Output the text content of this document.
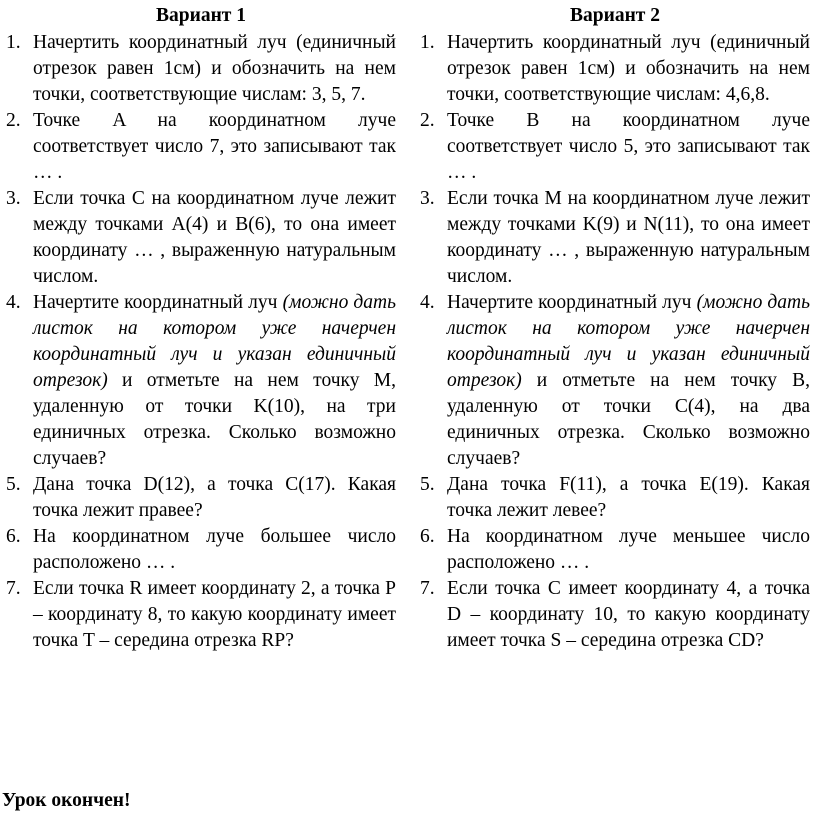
Вариант 1
1. Начертить координатный луч (единичный отрезок равен 1см) и обозначить на нем точки, соответствующие числам: 3, 5, 7.
2. Точке A на координатном луче соответствует число 7, это записывают так … .
3. Если точка C на координатном луче лежит между точками A(4) и B(6), то она имеет координату … , выраженную натуральным числом.
4. Начертите координатный луч (можно дать листок на котором уже начерчен координатный луч и указан единичный отрезок) и отметьте на нем точку M, удаленную от точки K(10), на три единичных отрезка. Сколько возможно случаев?
5. Дана точка D(12), а точка C(17). Какая точка лежит правее?
6. На координатном луче большее число расположено … .
7. Если точка R имеет координату 2, а точка P – координату 8, то какую координату имеет точка T – середина отрезка RP?
Вариант 2
1. Начертить координатный луч (единичный отрезок равен 1см) и обозначить на нем точки, соответствующие числам: 4,6,8.
2. Точке B на координатном луче соответствует число 5, это записывают так … .
3. Если точка M на координатном луче лежит между точками K(9) и N(11), то она имеет координату … , выраженную натуральным числом.
4. Начертите координатный луч (можно дать листок на котором уже начерчен координатный луч и указан единичный отрезок) и отметьте на нем точку B, удаленную от точки C(4), на два единичных отрезка. Сколько возможно случаев?
5. Дана точка F(11), а точка E(19). Какая точка лежит левее?
6. На координатном луче меньшее число расположено … .
7. Если точка C имеет координату 4, а точка D – координату 10, то какую координату имеет точка S – середина отрезка CD?
Урок окончен!
